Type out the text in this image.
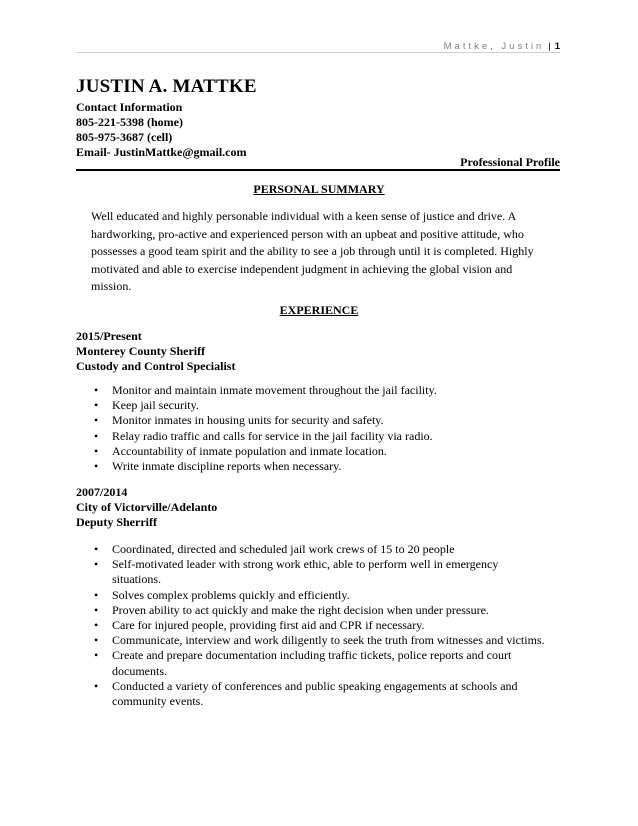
Mattke, Justin | 1
JUSTIN A. MATTKE
Contact Information
805-221-5398 (home)
805-975-3687 (cell)
Email- JustinMattke@gmail.com
Professional Profile
PERSONAL SUMMARY
Well educated and highly personable individual with a keen sense of justice and drive. A hardworking, pro-active and experienced person with an upbeat and positive attitude, who possesses a good team spirit and the ability to see a job through until it is completed. Highly motivated and able to exercise independent judgment in achieving the global vision and mission.
EXPERIENCE
2015/Present
Monterey County Sheriff
Custody and Control Specialist
• Monitor and maintain inmate movement throughout the jail facility.
• Keep jail security.
• Monitor inmates in housing units for security and safety.
• Relay radio traffic and calls for service in the jail facility via radio.
• Accountability of inmate population and inmate location.
• Write inmate discipline reports when necessary.
2007/2014
City of Victorville/Adelanto
Deputy Sherriff
• Coordinated, directed and scheduled jail work crews of 15 to 20 people
• Self-motivated leader with strong work ethic, able to perform well in emergency situations.
• Solves complex problems quickly and efficiently.
• Proven ability to act quickly and make the right decision when under pressure.
• Care for injured people, providing first aid and CPR if necessary.
• Communicate, interview and work diligently to seek the truth from witnesses and victims.
• Create and prepare documentation including traffic tickets, police reports and court documents.
• Conducted a variety of conferences and public speaking engagements at schools and community events.
